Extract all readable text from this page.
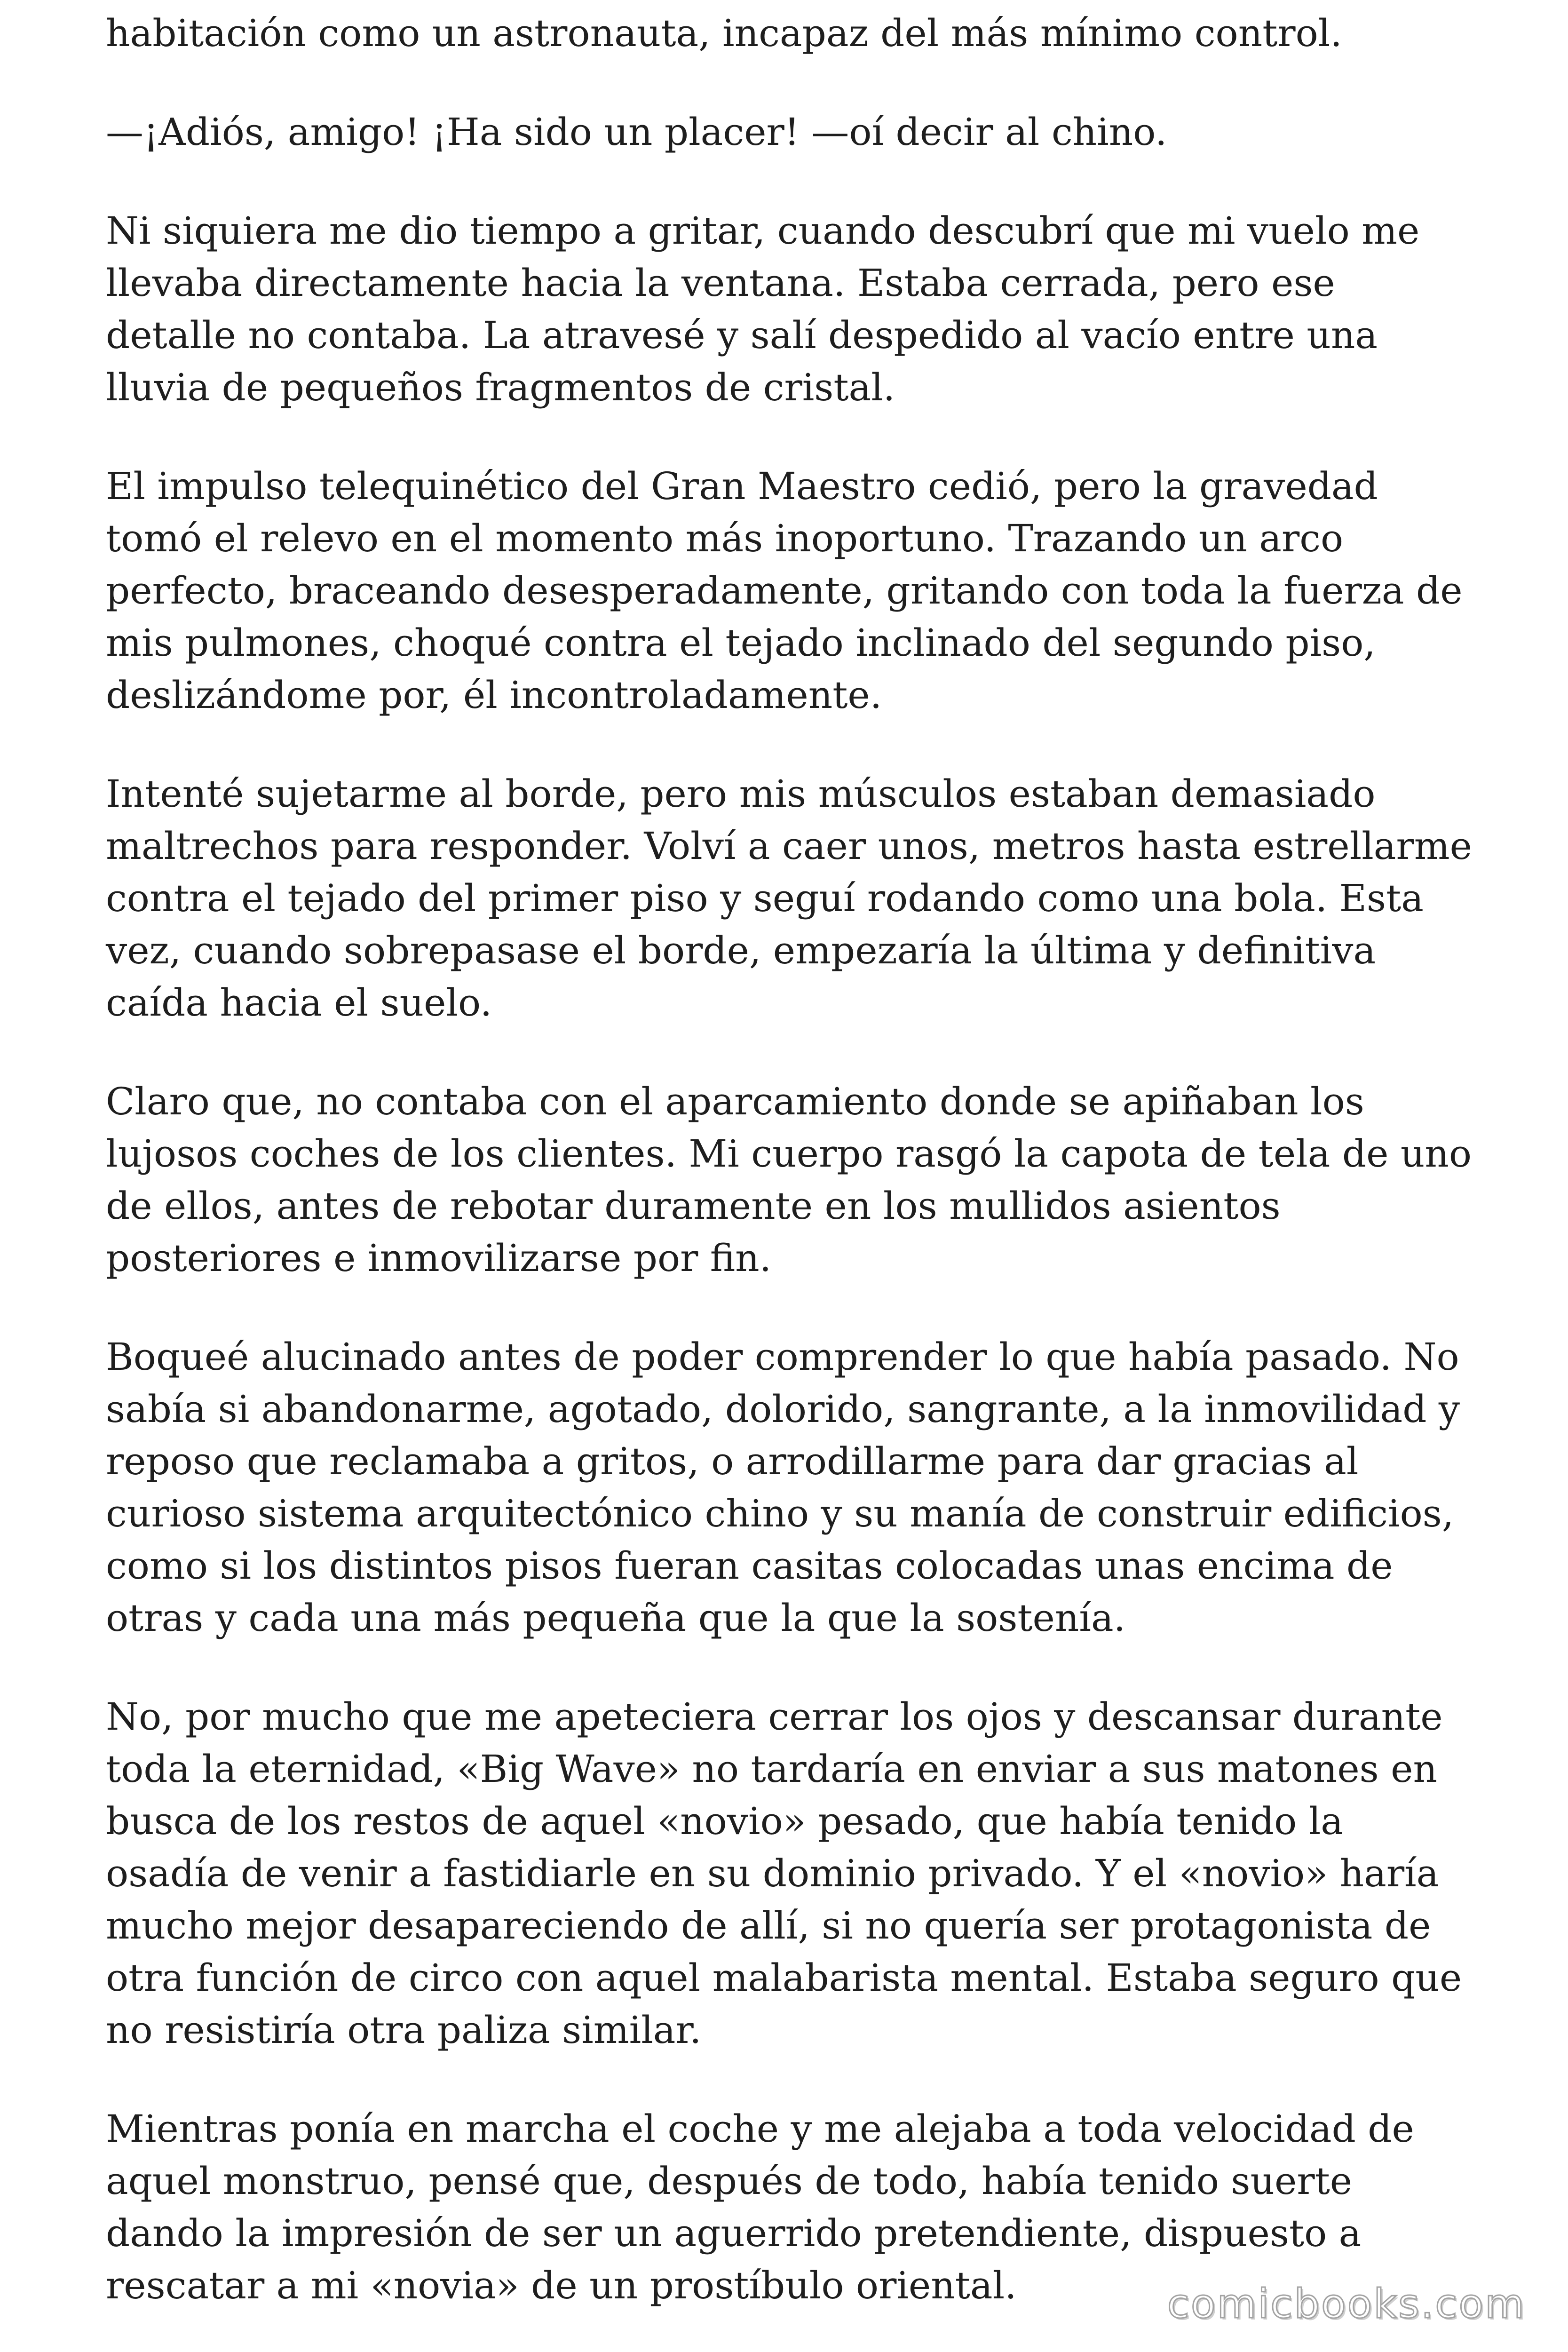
habitación como un astronauta, incapaz del más mínimo control.

—¡Adiós, amigo! ¡Ha sido un placer! —oí decir al chino.

Ni siquiera me dio tiempo a gritar, cuando descubrí que mi vuelo me llevaba directamente hacia la ventana. Estaba cerrada, pero ese detalle no contaba. La atravesé y salí despedido al vacío entre una lluvia de pequeños fragmentos de cristal.

El impulso telequinético del Gran Maestro cedió, pero la gravedad tomó el relevo en el momento más inoportuno. Trazando un arco perfecto, braceando desesperadamente, gritando con toda la fuerza de mis pulmones, choqué contra el tejado inclinado del segundo piso, deslizándome por, él incontroladamente.

Intenté sujetarme al borde, pero mis músculos estaban demasiado maltrechos para responder. Volví a caer unos, metros hasta estrellarme contra el tejado del primer piso y seguí rodando como una bola. Esta vez, cuando sobrepasase el borde, empezaría la última y definitiva caída hacia el suelo.

Claro que, no contaba con el aparcamiento donde se apiñaban los lujosos coches de los clientes. Mi cuerpo rasgó la capota de tela de uno de ellos, antes de rebotar duramente en los mullidos asientos posteriores e inmovilizarse por fin.

Boqueé alucinado antes de poder comprender lo que había pasado. No sabía si abandonarme, agotado, dolorido, sangrante, a la inmovilidad y reposo que reclamaba a gritos, o arrodillarme para dar gracias al curioso sistema arquitectónico chino y su manía de construir edificios, como si los distintos pisos fueran casitas colocadas unas encima de otras y cada una más pequeña que la que la sostenía.

No, por mucho que me apeteciera cerrar los ojos y descansar durante toda la eternidad, «Big Wave» no tardaría en enviar a sus matones en busca de los restos de aquel «novio» pesado, que había tenido la osadía de venir a fastidiarle en su dominio privado. Y el «novio» haría mucho mejor desapareciendo de allí, si no quería ser protagonista de otra función de circo con aquel malabarista mental. Estaba seguro que no resistiría otra paliza similar.

Mientras ponía en marcha el coche y me alejaba a toda velocidad de aquel monstruo, pensé que, después de todo, había tenido suerte dando la impresión de ser un aguerrido pretendiente, dispuesto a rescatar a mi «novia» de un prostíbulo oriental.	comicbooks.com
